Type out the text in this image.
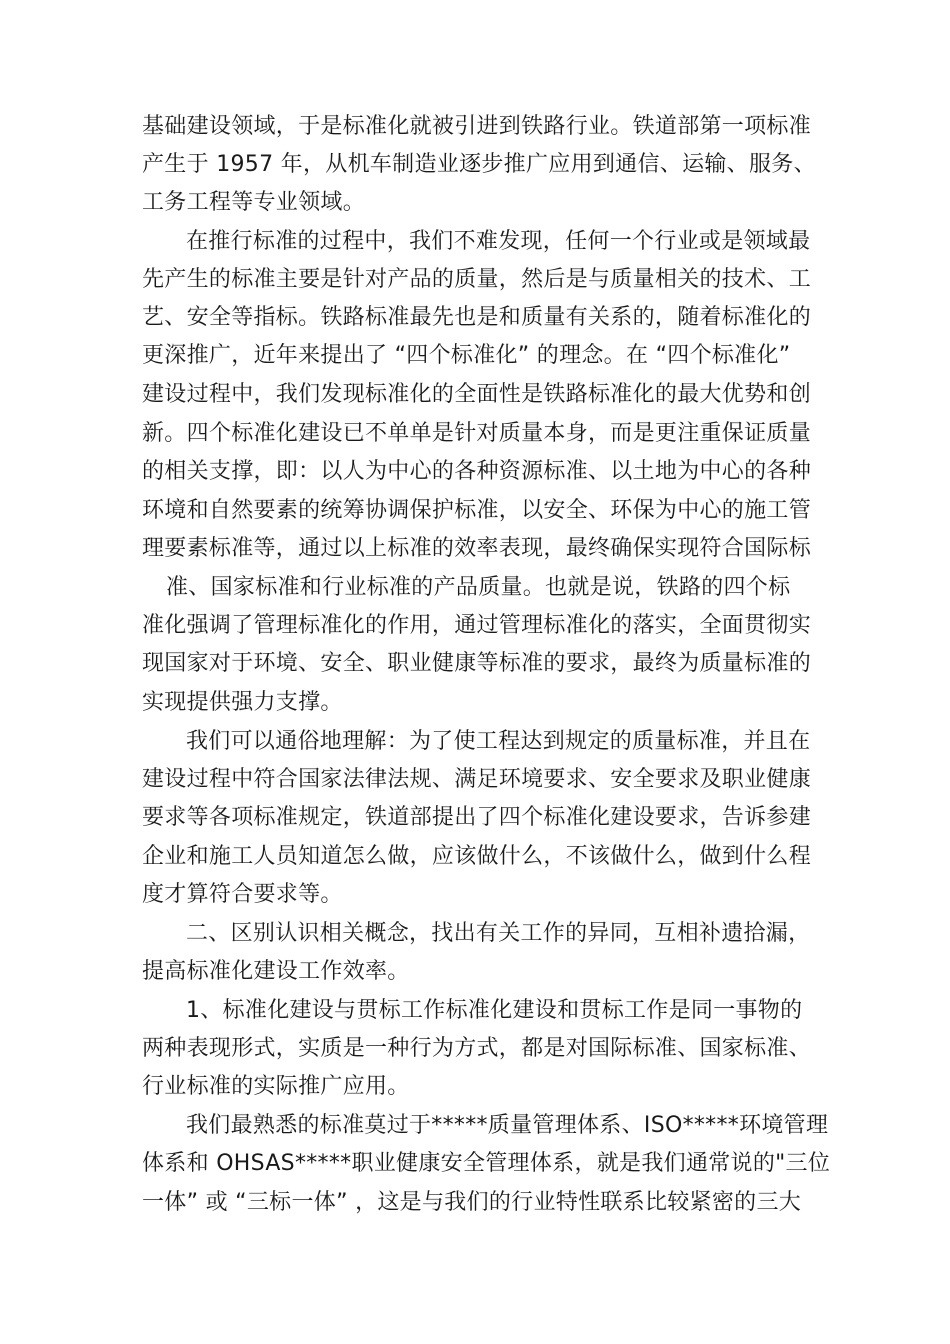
基础建设领域，于是标准化就被引进到铁路行业。铁道部第一项标准

产生于 1957 年，从机车制造业逐步推广应用到通信、运输、服务、

工务工程等专业领域。

在推行标准的过程中，我们不难发现，任何一个行业或是领域最

先产生的标准主要是针对产品的质量，然后是与质量相关的技术、工

艺、安全等指标。铁路标准最先也是和质量有关系的，随着标准化的

更深推广，近年来提出了 “四个标准化” 的理念。在 “四个标准化”

建设过程中，我们发现标准化的全面性是铁路标准化的最大优势和创

新。四个标准化建设已不单单是针对质量本身，而是更注重保证质量

的相关支撑，即：以人为中心的各种资源标准、以土地为中心的各种

环境和自然要素的统筹协调保护标准，以安全、环保为中心的施工管

理要素标准等，通过以上标准的效率表现，最终确保实现符合国际标

准、国家标准和行业标准的产品质量。也就是说，铁路的四个标

准化强调了管理标准化的作用，通过管理标准化的落实，全面贯彻实

现国家对于环境、安全、职业健康等标准的要求，最终为质量标准的

实现提供强力支撑。

我们可以通俗地理解：为了使工程达到规定的质量标准，并且在

建设过程中符合国家法律法规、满足环境要求、安全要求及职业健康

要求等各项标准规定，铁道部提出了四个标准化建设要求，告诉参建

企业和施工人员知道怎么做，应该做什么，不该做什么，做到什么程

度才算符合要求等。

二、区别认识相关概念，找出有关工作的异同，互相补遗拾漏，

提高标准化建设工作效率。

1、标准化建设与贯标工作标准化建设和贯标工作是同一事物的

两种表现形式，实质是一种行为方式，都是对国际标准、国家标准、

行业标准的实际推广应用。

我们最熟悉的标准莫过于*****质量管理体系、ISO*****环境管理

体系和 OHSAS*****职业健康安全管理体系，就是我们通常说的"三位

一体” 或 “三标一体” ，这是与我们的行业特性联系比较紧密的三大
